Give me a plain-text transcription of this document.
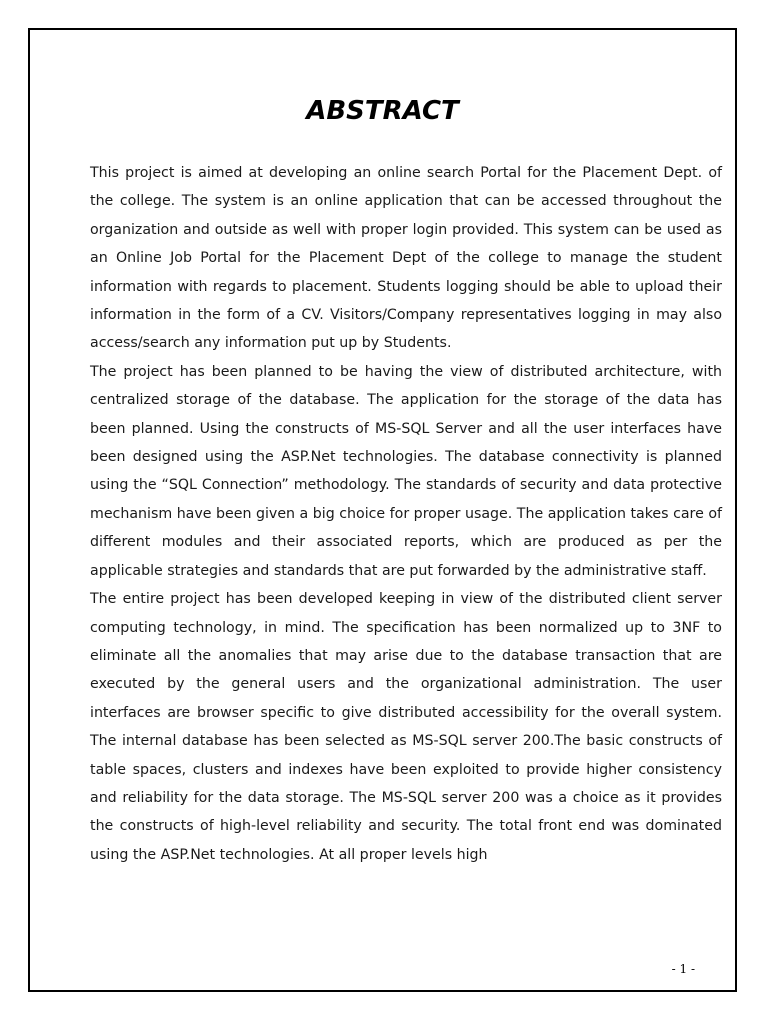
ABSTRACT

This project is aimed at developing an online search Portal for the Placement Dept. of the college. The system is an online application that can be accessed throughout the organization and outside as well with proper login provided. This system can be used as an Online Job Portal for the Placement Dept of the college to manage the student information with regards to placement. Students logging should be able to upload their information in the form of a CV. Visitors/Company representatives logging in may also access/search any information put up by Students.

The project has been planned to be having the view of distributed architecture, with centralized storage of the database. The application for the storage of the data has been planned. Using the constructs of MS-SQL Server and all the user interfaces have been designed using the ASP.Net technologies. The database connectivity is planned using the “SQL Connection” methodology. The standards of security and data protective mechanism have been given a big choice for proper usage. The application takes care of different modules and their associated reports, which are produced as per the applicable strategies and standards that are put forwarded by the administrative staff.

The entire project has been developed keeping in view of the distributed client server computing technology, in mind. The specification has been normalized up to 3NF to eliminate all the anomalies that may arise due to the database transaction that are executed by the general users and the organizational administration. The user interfaces are browser specific to give distributed accessibility for the overall system. The internal database has been selected as MS-SQL server 200.The basic constructs of table spaces, clusters and indexes have been exploited to provide higher consistency and reliability for the data storage. The MS-SQL server 200 was a choice as it provides the constructs of high-level reliability and security. The total front end was dominated using the ASP.Net technologies. At all proper levels high

- 1 -
